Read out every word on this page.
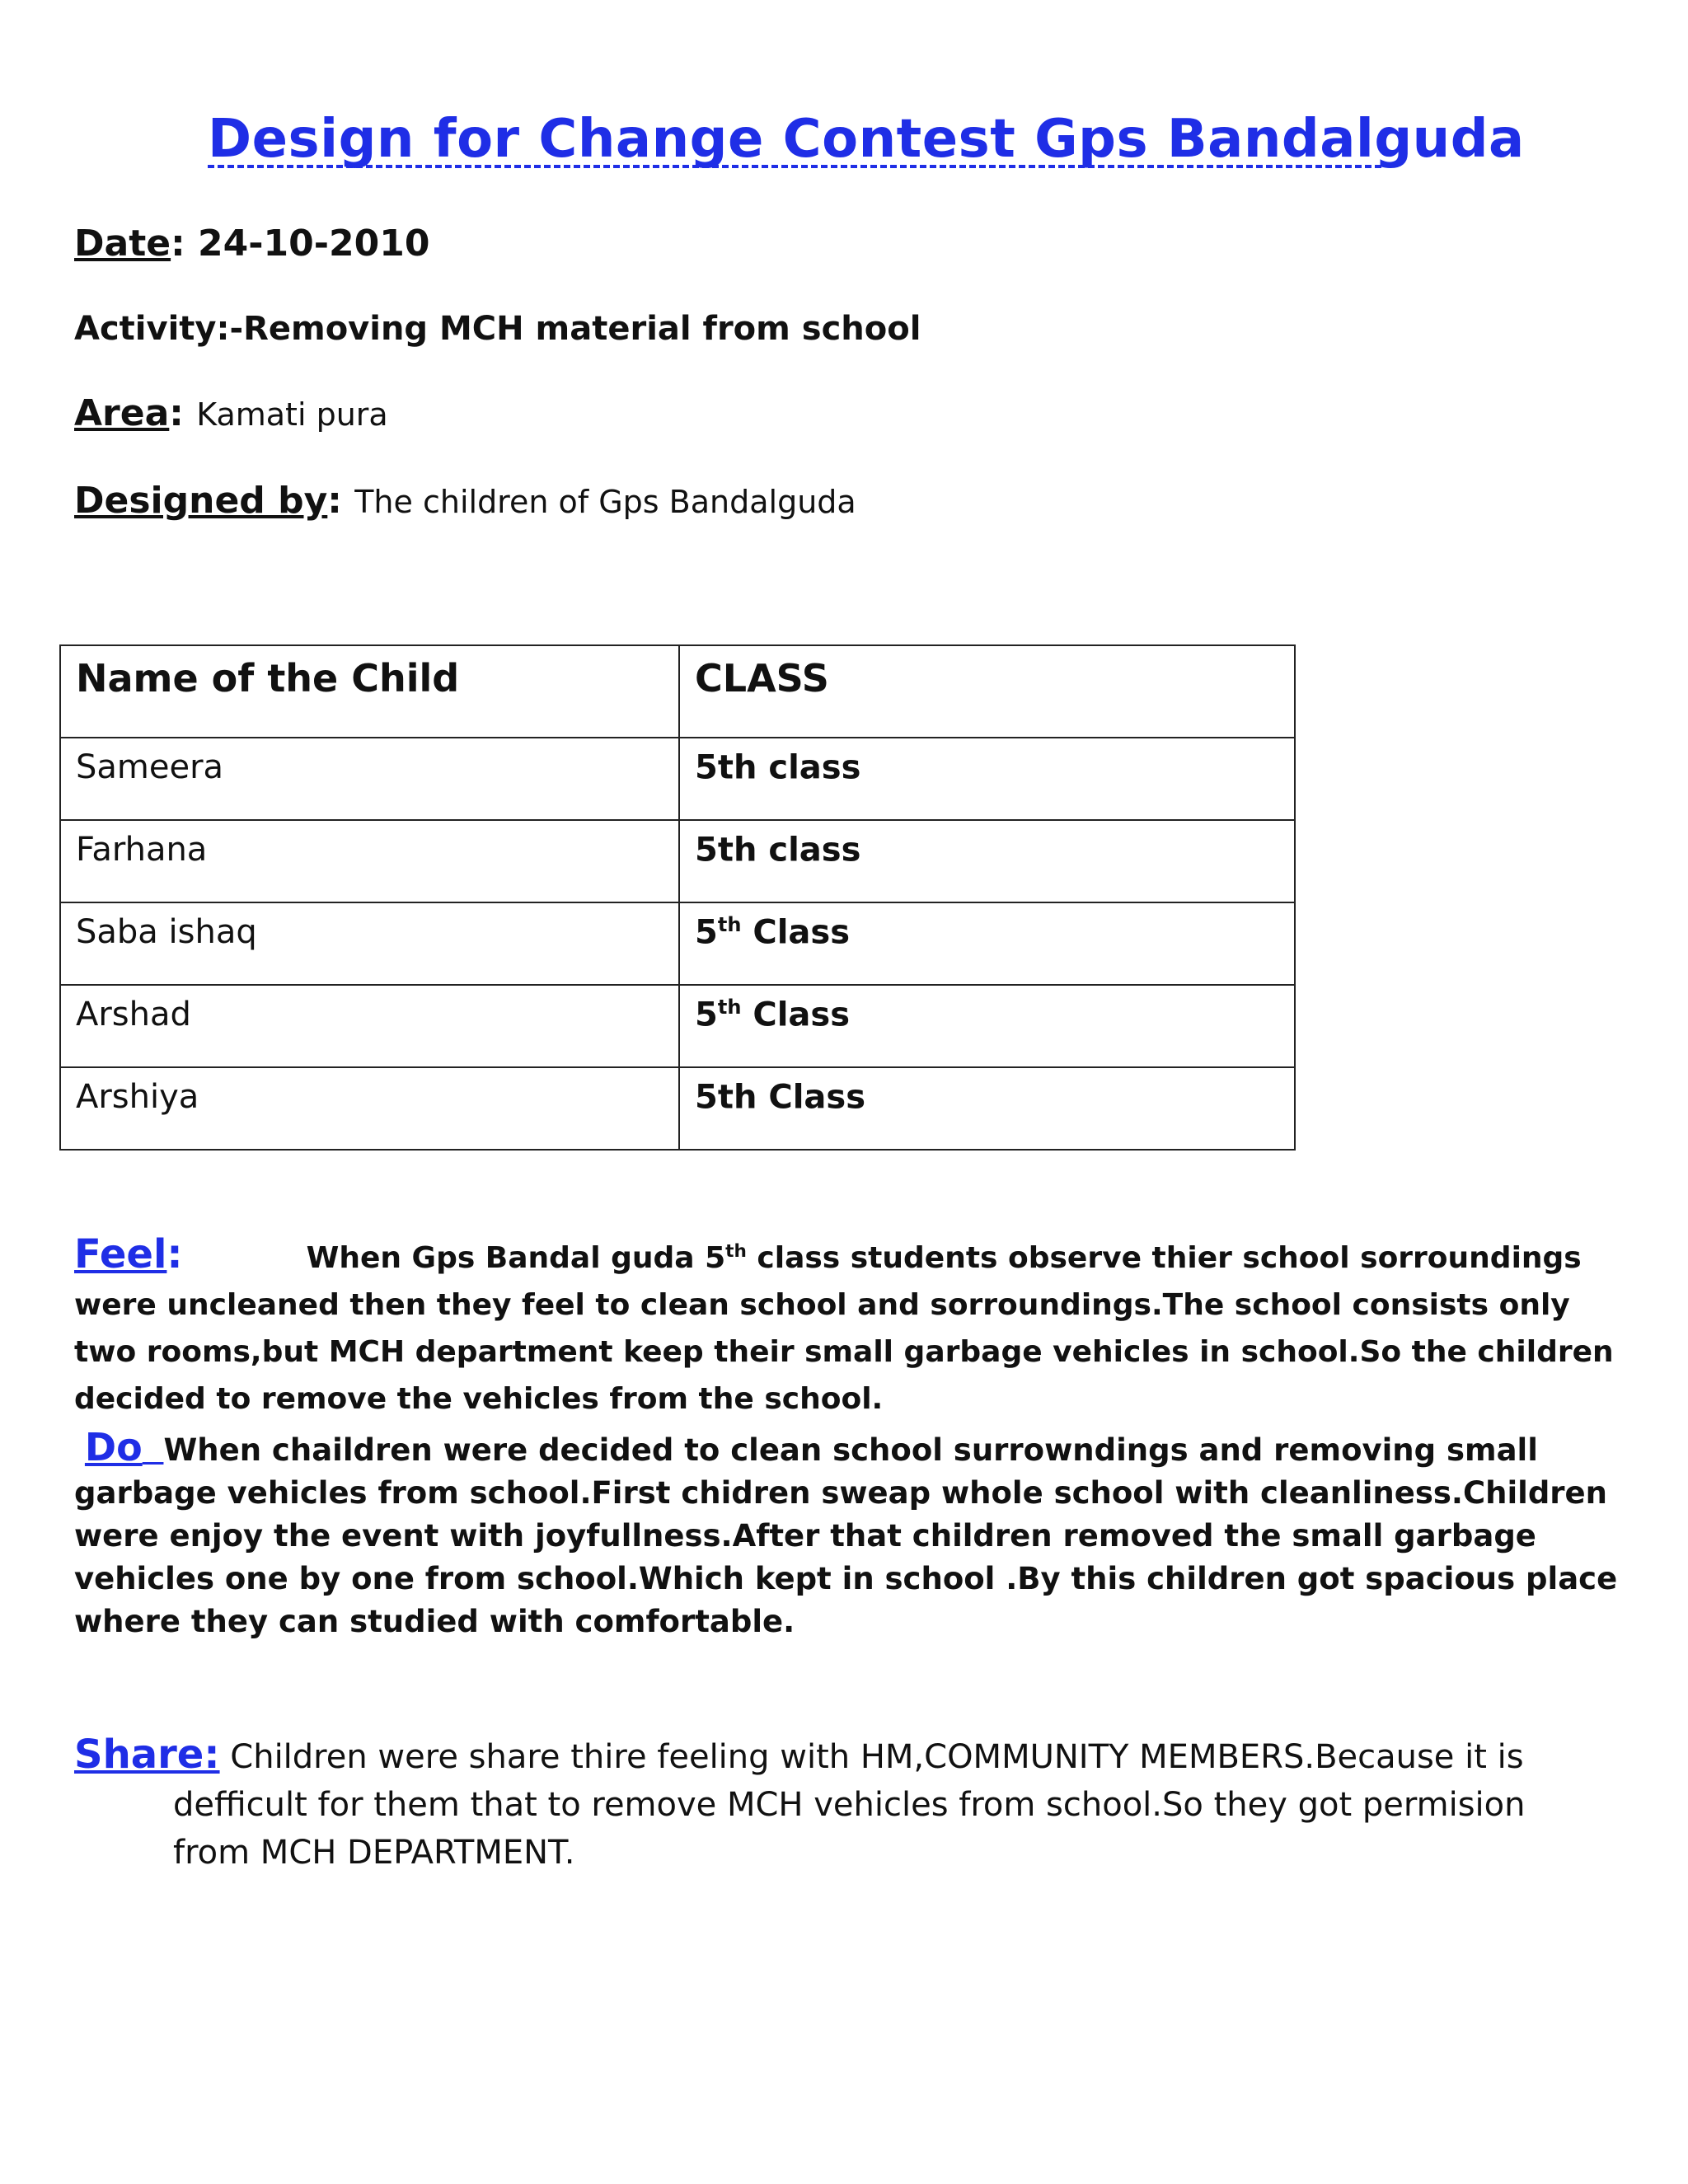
Design for Change Contest Gps Bandalguda
Date: 24-10-2010
Activity:-Removing MCH material from school
Area: Kamati pura
Designed by: The children of Gps Bandalguda
Name of the Child	CLASS
Sameera	5th class
Farhana	5th class
Saba ishaq	5th Class
Arshad	5th Class
Arshiya	5th Class
Feel:	When Gps Bandal guda 5th class students observe thier school sorroundings were uncleaned then they feel to clean school and sorroundings.The school consists only two rooms,but MCH department keep their small garbage vehicles in school.So the children decided to remove the vehicles from the school.
Do When chaildren were decided to clean school surrowndings and removing small garbage vehicles from school.First chidren sweap whole school with cleanliness.Children were enjoy the event with joyfullness.After that children removed the small garbage vehicles one by one from school.Which kept in school .By this children got spacious place where they can studied with comfortable.
Share: Children were share thire feeling with HM,COMMUNITY MEMBERS.Because it is
defficult for them that to remove MCH vehicles from school.So they got permision from MCH DEPARTMENT.
